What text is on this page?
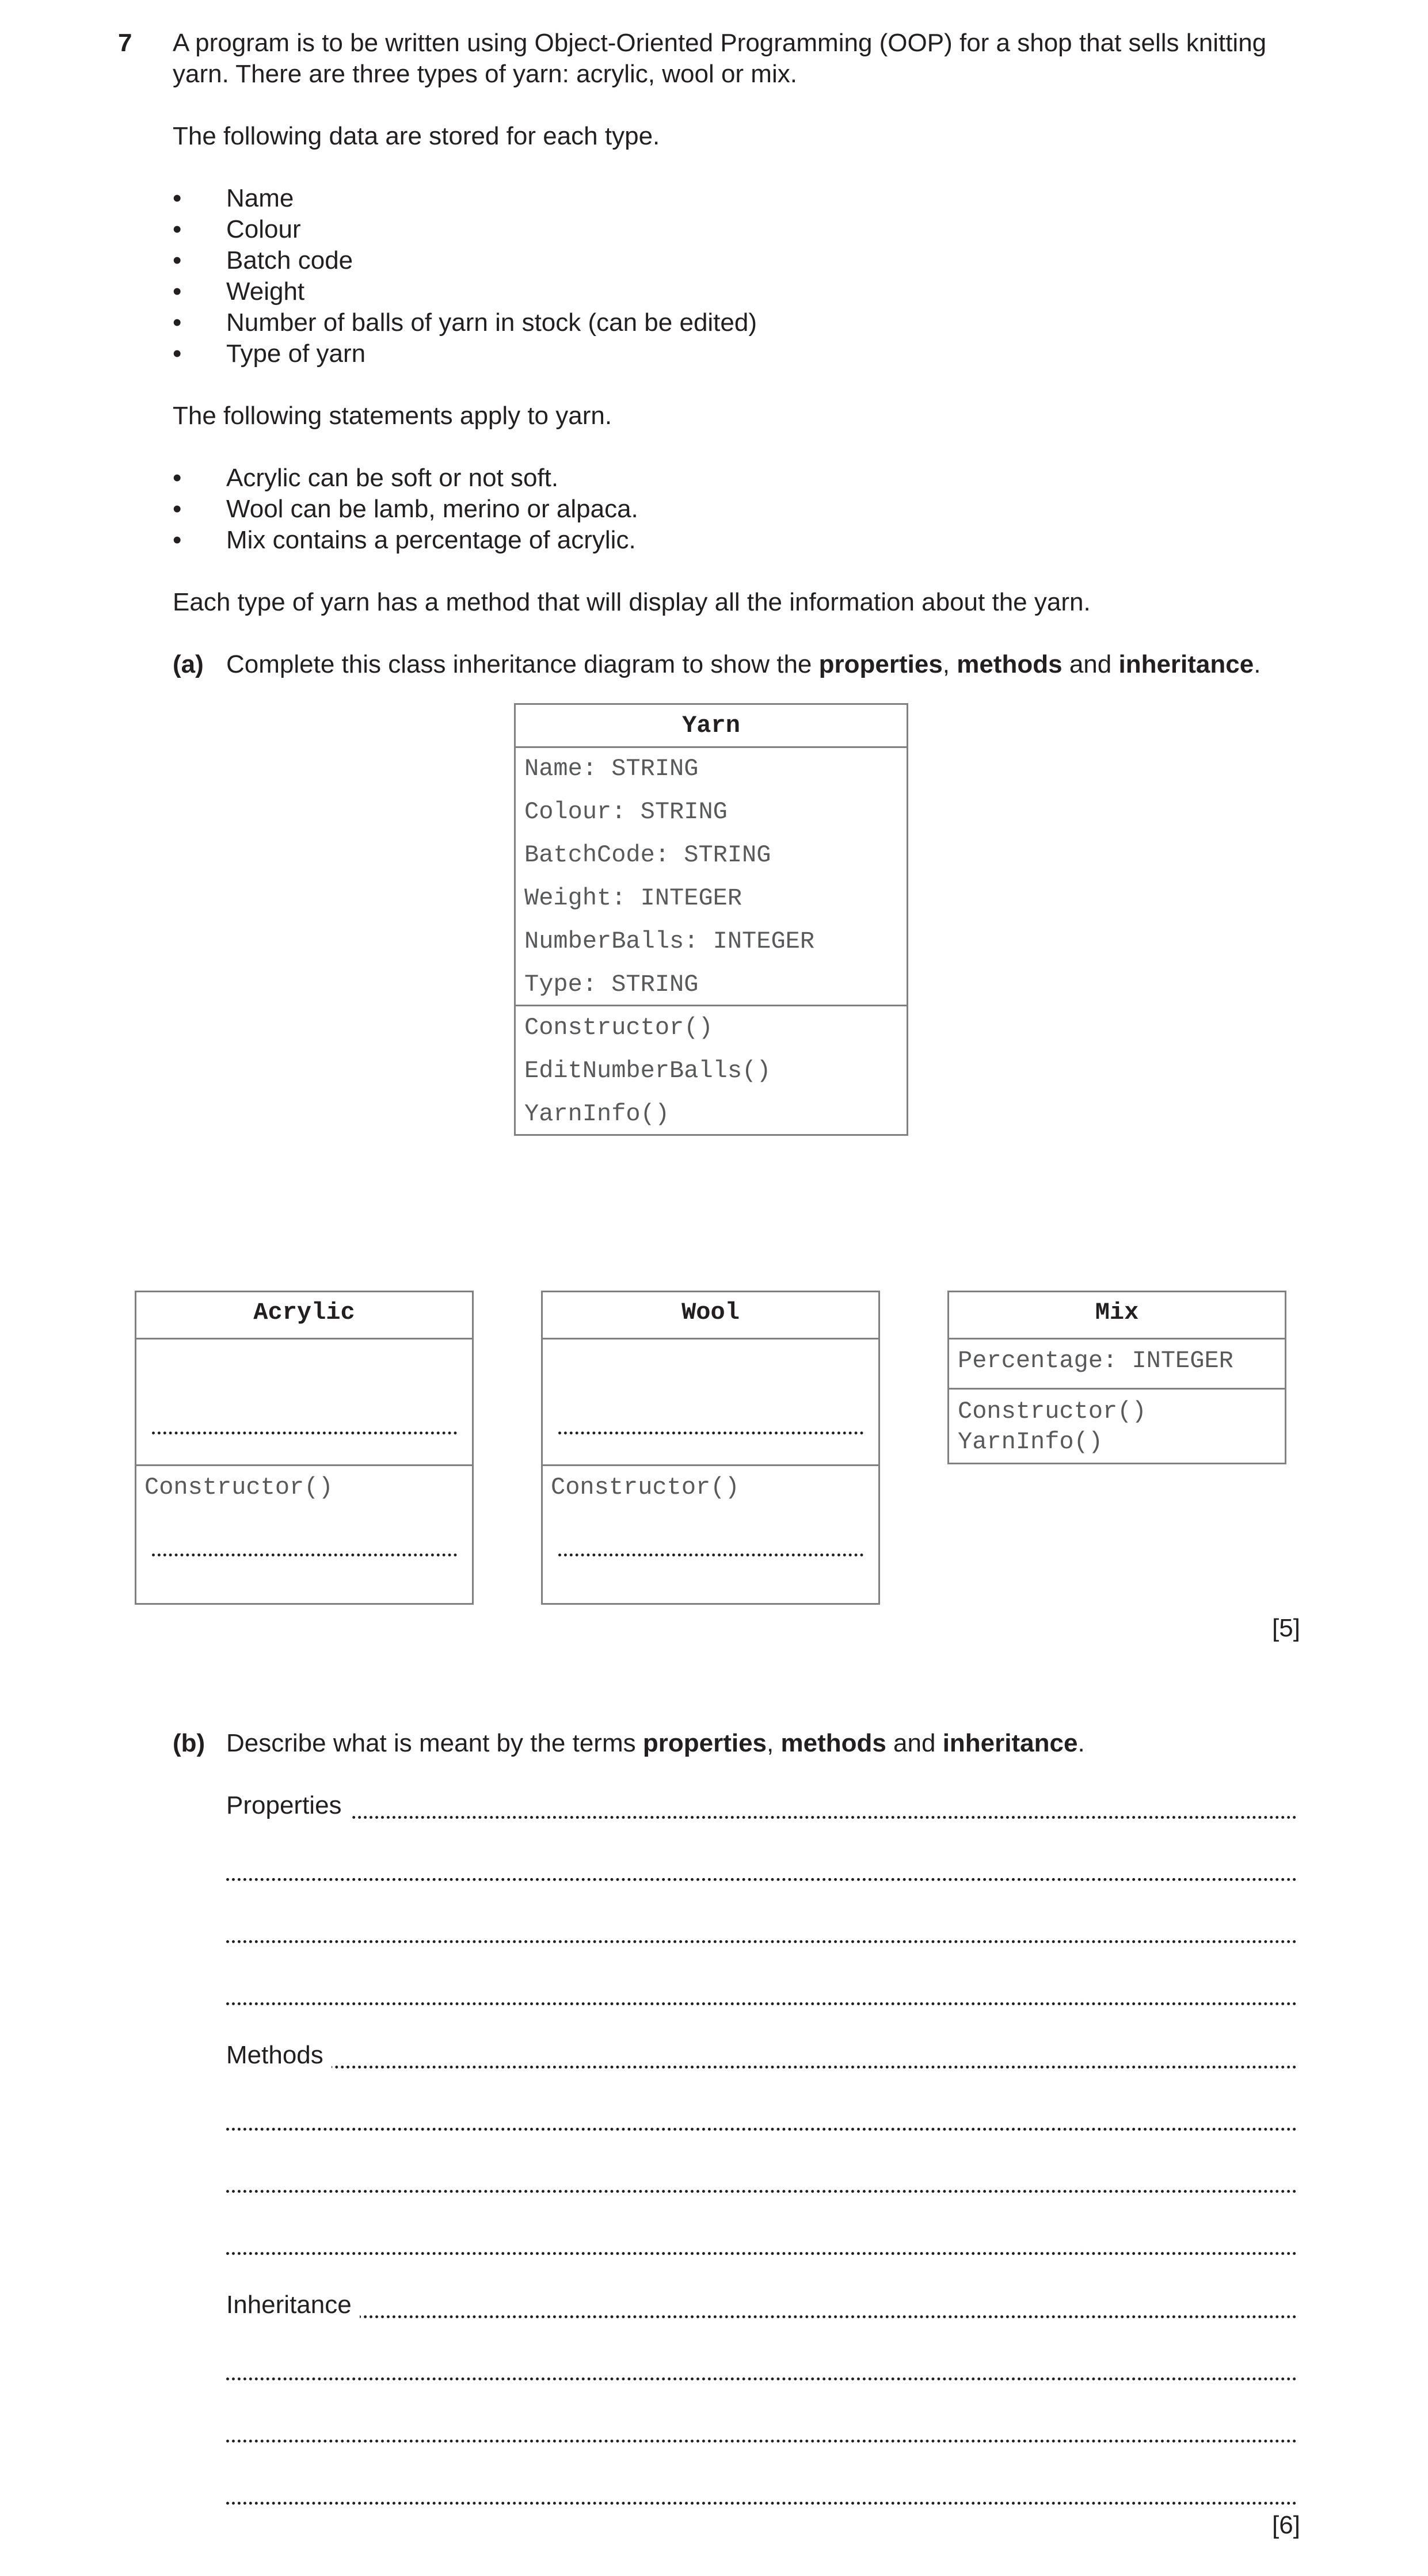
7 A program is to be written using Object-Oriented Programming (OOP) for a shop that sells knitting
yarn. There are three types of yarn: acrylic, wool or mix.
The following data are stored for each type.
• Name
• Colour
• Batch code
• Weight
• Number of balls of yarn in stock (can be edited)
• Type of yarn
The following statements apply to yarn.
• Acrylic can be soft or not soft.
• Wool can be lamb, merino or alpaca.
• Mix contains a percentage of acrylic.
Each type of yarn has a method that will display all the information about the yarn.
(a) Complete this class inheritance diagram to show the properties, methods and inheritance.
Yarn
Name: STRING
Colour: STRING
BatchCode: STRING
Weight: INTEGER
NumberBalls: INTEGER
Type: STRING
Constructor()
EditNumberBalls()
YarnInfo()
Acrylic
Constructor()
Wool
Constructor()
Mix
Percentage: INTEGER
Constructor()
YarnInfo()
[5]
(b) Describe what is meant by the terms properties, methods and inheritance.
Properties
Methods
Inheritance
[6]
